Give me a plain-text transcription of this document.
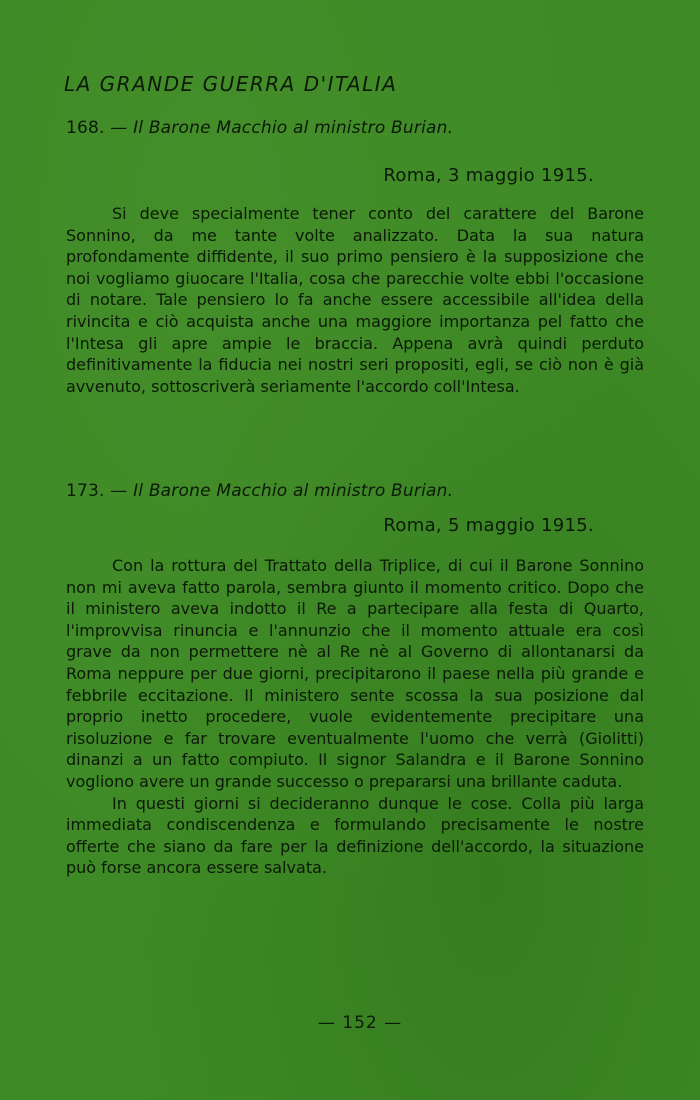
LA GRANDE GUERRA D'ITALIA
168. — Il Barone Macchio al ministro Burian.
Roma, 3 maggio 1915.

Si deve specialmente tener conto del carattere del Barone Sonnino, da me tante volte analizzato. Data la sua natura profondamente diffidente, il suo primo pensiero è la supposizione che noi vogliamo giuocare l'Italia, cosa che parecchie volte ebbi l'occasione di notare. Tale pensiero lo fa anche essere accessibile all'idea della rivincita e ciò acquista anche una maggiore importanza pel fatto che l'Intesa gli apre ampie le braccia. Appena avrà quindi perduto definitivamente la fiducia nei nostri seri propositi, egli, se ciò non è già avvenuto, sottoscriverà seriamente l'accordo coll'Intesa.

173. — Il Barone Macchio al ministro Burian.
Roma, 5 maggio 1915.

Con la rottura del Trattato della Triplice, di cui il Barone Sonnino non mi aveva fatto parola, sembra giunto il momento critico. Dopo che il ministero aveva indotto il Re a partecipare alla festa di Quarto, l'improvvisa rinuncia e l'annunzio che il momento attuale era così grave da non permettere nè al Re nè al Governo di allontanarsi da Roma neppure per due giorni, precipitarono il paese nella più grande e febbrile eccitazione. Il ministero sente scossa la sua posizione dal proprio inetto procedere, vuole evidentemente precipitare una risoluzione e far trovare eventualmente l'uomo che verrà (Giolitti) dinanzi a un fatto compiuto. Il signor Salandra e il Barone Sonnino vogliono avere un grande successo o prepararsi una brillante caduta.

In questi giorni si decideranno dunque le cose. Colla più larga immediata condiscendenza e formulando precisamente le nostre offerte che siano da fare per la definizione dell'accordo, la situazione può forse ancora essere salvata.

— 152 —
